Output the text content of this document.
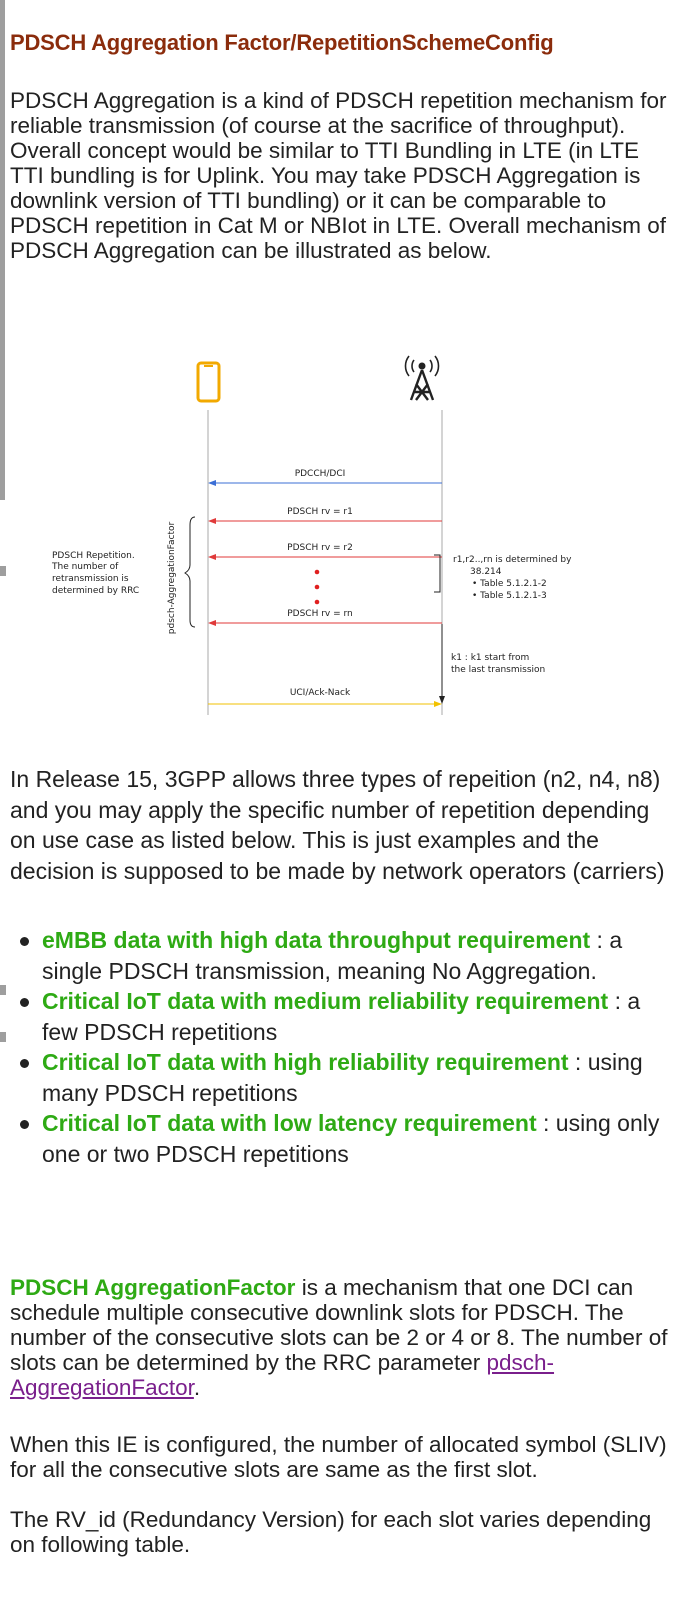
PDSCH Aggregation Factor/RepetitionSchemeConfig
PDSCH Aggregation is a kind of PDSCH repetition mechanism for reliable transmission (of course at the sacrifice of throughput). Overall concept would be similar to TTI Bundling in LTE (in LTE TTI bundling is for Uplink. You may take PDSCH Aggregation is downlink version of TTI bundling) or it can be comparable to PDSCH repetition in Cat M or NBIot in LTE. Overall mechanism of PDSCH Aggregation can be illustrated as below.
PDCCH/DCI
PDSCH rv = r1
PDSCH rv = r2
PDSCH rv = rn
UCI/Ack-Nack
PDSCH Repetition.
The number of
retransmission is
determined by RRC	pdsch-AggregationFactor	r1,r2..,rn is determined by
38.214
• Table 5.1.2.1-2
• Table 5.1.2.1-3
k1 : k1 start from
the last transmission
In Release 15, 3GPP allows three types of repeition (n2, n4, n8) and you may apply the specific number of repetition depending on use case as listed below. This is just examples and the decision is supposed to be made by network operators (carriers)
eMBB data with high data throughput requirement : a single PDSCH transmission, meaning No Aggregation.
Critical IoT data with medium reliability requirement : a few PDSCH repetitions
Critical IoT data with high reliability requirement : using many PDSCH repetitions
Critical IoT data with low latency requirement : using only one or two PDSCH repetitions
PDSCH AggregationFactor is a mechanism that one DCI can schedule multiple consecutive downlink slots for PDSCH. The number of the consecutive slots can be 2 or 4 or 8. The number of slots can be determined by the RRC parameter pdsch-AggregationFactor.
When this IE is configured, the number of allocated symbol (SLIV) for all the consecutive slots are same as the first slot.
The RV_id (Redundancy Version) for each slot varies depending on following table.
